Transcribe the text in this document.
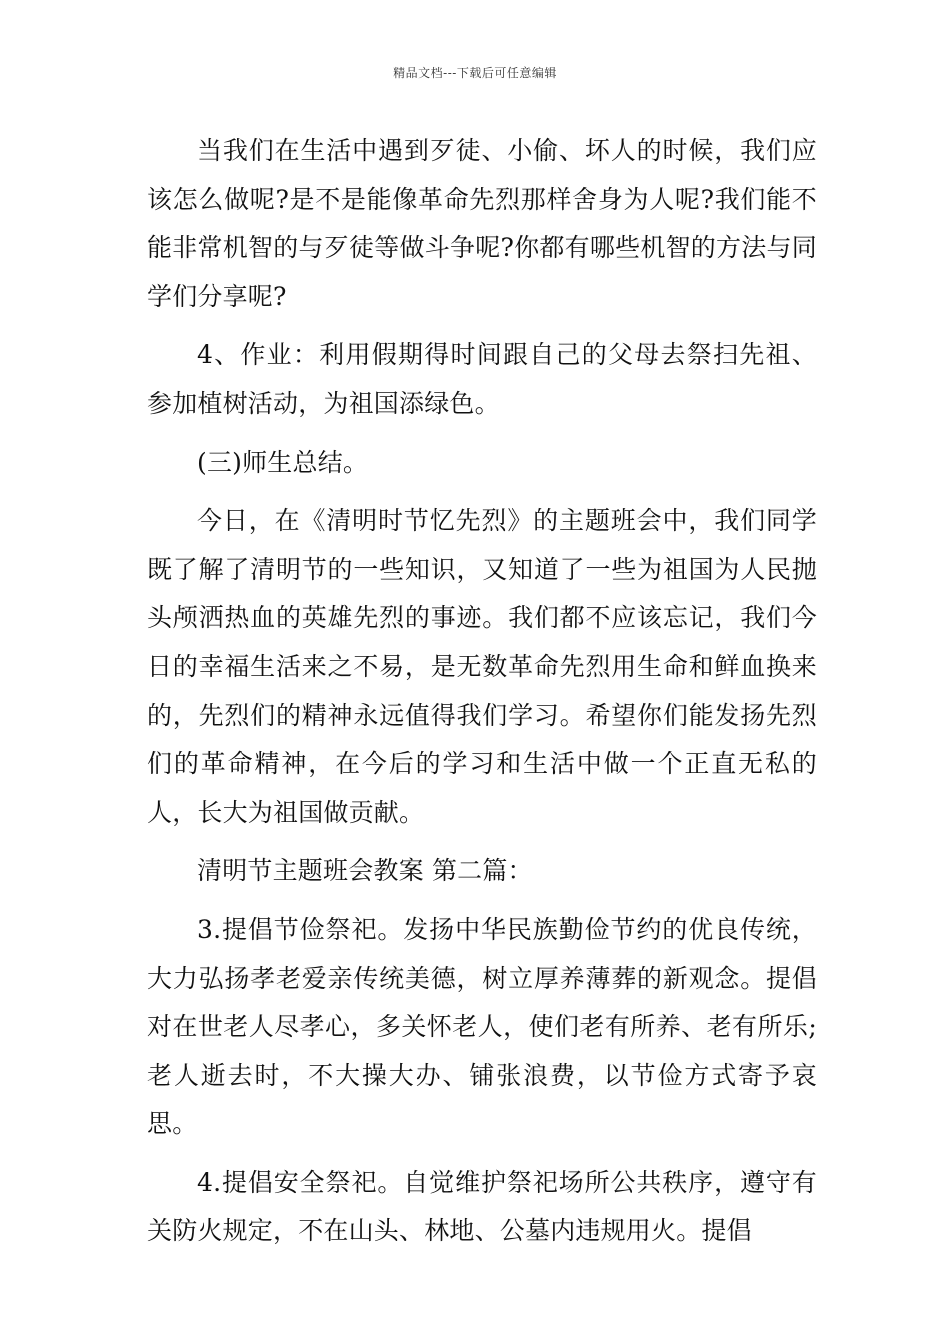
精品文档---下载后可任意编辑

当我们在生活中遇到歹徒、小偷、坏人的时候，我们应该怎么做呢?是不是能像革命先烈那样舍身为人呢?我们能不能非常机智的与歹徒等做斗争呢?你都有哪些机智的方法与同学们分享呢?

4、作业：利用假期得时间跟自己的父母去祭扫先祖、参加植树活动，为祖国添绿色。

(三)师生总结。

今日，在《清明时节忆先烈》的主题班会中，我们同学既了解了清明节的一些知识，又知道了一些为祖国为人民抛头颅洒热血的英雄先烈的事迹。我们都不应该忘记，我们今日的幸福生活来之不易，是无数革命先烈用生命和鲜血换来的，先烈们的精神永远值得我们学习。希望你们能发扬先烈们的革命精神，在今后的学习和生活中做一个正直无私的人，长大为祖国做贡献。

清明节主题班会教案 第二篇：

3.提倡节俭祭祀。发扬中华民族勤俭节约的优良传统，大力弘扬孝老爱亲传统美德，树立厚养薄葬的新观念。提倡对在世老人尽孝心，多关怀老人，使们老有所养、老有所乐;老人逝去时，不大操大办、铺张浪费，以节俭方式寄予哀思。

4.提倡安全祭祀。自觉维护祭祀场所公共秩序，遵守有关防火规定，不在山头、林地、公墓内违规用火。提倡
